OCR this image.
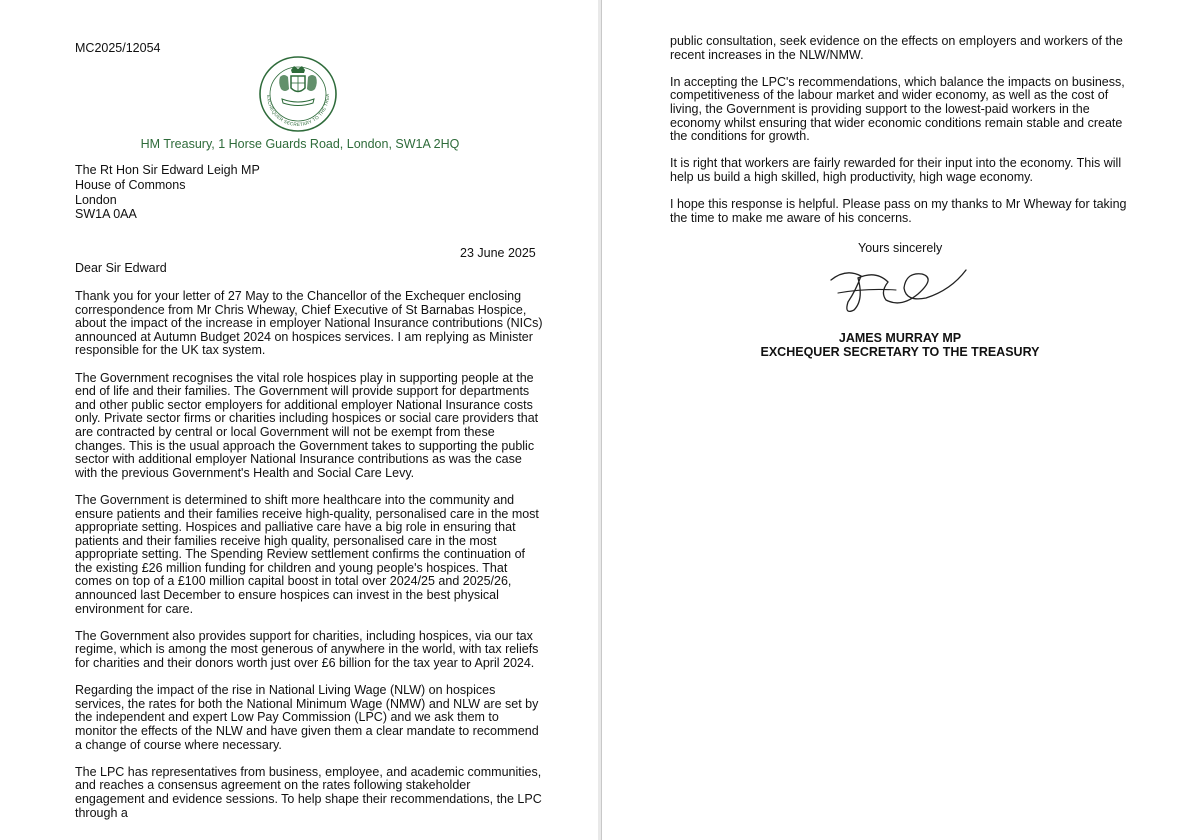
MC2025/12054
EXCHEQUER SECRETARY TO THE TREA
HM Treasury, 1 Horse Guards Road, London, SW1A 2HQ
The Rt Hon Sir Edward Leigh MP
House of Commons
London
SW1A 0AA
23 June 2025
Dear Sir Edward

Thank you for your letter of 27 May to the Chancellor of the Exchequer enclosing correspondence from Mr Chris Wheway, Chief Executive of St Barnabas Hospice, about the impact of the increase in employer National Insurance contributions (NICs) announced at Autumn Budget 2024 on hospices services. I am replying as Minister responsible for the UK tax system.

The Government recognises the vital role hospices play in supporting people at the end of life and their families. The Government will provide support for departments and other public sector employers for additional employer National Insurance costs only. Private sector firms or charities including hospices or social care providers that are contracted by central or local Government will not be exempt from these changes. This is the usual approach the Government takes to supporting the public sector with additional employer National Insurance contributions as was the case with the previous Government's Health and Social Care Levy.

The Government is determined to shift more healthcare into the community and ensure patients and their families receive high-quality, personalised care in the most appropriate setting. Hospices and palliative care have a big role in ensuring that patients and their families receive high quality, personalised care in the most appropriate setting. The Spending Review settlement confirms the continuation of the existing £26 million funding for children and young people's hospices. That comes on top of a £100 million capital boost in total over 2024/25 and 2025/26, announced last December to ensure hospices can invest in the best physical environment for care.

The Government also provides support for charities, including hospices, via our tax regime, which is among the most generous of anywhere in the world, with tax reliefs for charities and their donors worth just over £6 billion for the tax year to April 2024.

Regarding the impact of the rise in National Living Wage (NLW) on hospices services, the rates for both the National Minimum Wage (NMW) and NLW are set by the independent and expert Low Pay Commission (LPC) and we ask them to monitor the effects of the NLW and have given them a clear mandate to recommend a change of course where necessary.

The LPC has representatives from business, employee, and academic communities, and reaches a consensus agreement on the rates following stakeholder engagement and evidence sessions. To help shape their recommendations, the LPC through a

public consultation, seek evidence on the effects on employers and workers of the recent increases in the NLW/NMW.

In accepting the LPC's recommendations, which balance the impacts on business, competitiveness of the labour market and wider economy, as well as the cost of living, the Government is providing support to the lowest-paid workers in the economy whilst ensuring that wider economic conditions remain stable and create the conditions for growth.

It is right that workers are fairly rewarded for their input into the economy. This will help us build a high skilled, high productivity, high wage economy.

I hope this response is helpful. Please pass on my thanks to Mr Wheway for taking the time to make me aware of his concerns.

Yours sincerely
JAMES MURRAY MP
EXCHEQUER SECRETARY TO THE TREASURY
